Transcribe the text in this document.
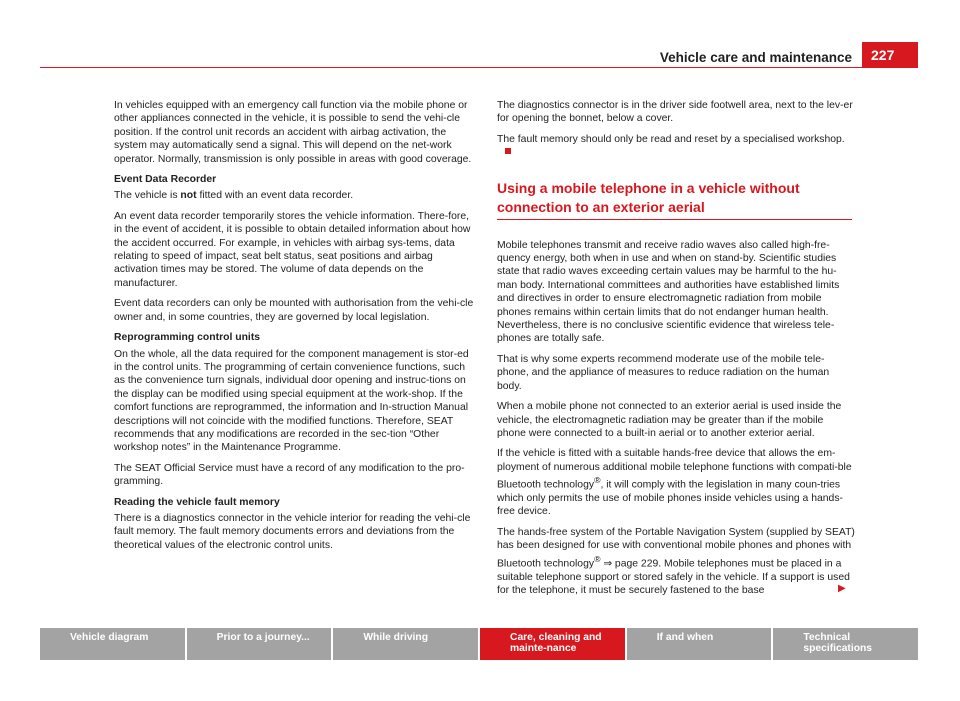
Vehicle care and maintenance	227

In vehicles equipped with an emergency call function via the mobile phone or other appliances connected in the vehicle, it is possible to send the vehi-cle position. If the control unit records an accident with airbag activation, the system may automatically send a signal. This will depend on the net-work operator. Normally, transmission is only possible in areas with good coverage.

Event Data Recorder

The vehicle is not fitted with an event data recorder.

An event data recorder temporarily stores the vehicle information. There-fore, in the event of accident, it is possible to obtain detailed information about how the accident occurred. For example, in vehicles with airbag sys-tems, data relating to speed of impact, seat belt status, seat positions and airbag activation times may be stored. The volume of data depends on the manufacturer.

Event data recorders can only be mounted with authorisation from the vehi-cle owner and, in some countries, they are governed by local legislation.

Reprogramming control units

On the whole, all the data required for the component management is stor-ed in the control units. The programming of certain convenience functions, such as the convenience turn signals, individual door opening and instruc-tions on the display can be modified using special equipment at the work-shop. If the comfort functions are reprogrammed, the information and In-struction Manual descriptions will not coincide with the modified functions. Therefore, SEAT recommends that any modifications are recorded in the sec-tion “Other workshop notes” in the Maintenance Programme.

The SEAT Official Service must have a record of any modification to the pro-gramming.

Reading the vehicle fault memory

There is a diagnostics connector in the vehicle interior for reading the vehi-cle fault memory. The fault memory documents errors and deviations from the theoretical values of the electronic control units.

The diagnostics connector is in the driver side footwell area, next to the lev-er for opening the bonnet, below a cover.

The fault memory should only be read and reset by a specialised workshop.

Using a mobile telephone in a vehicle without connection to an exterior aerial

Mobile telephones transmit and receive radio waves also called high-fre-quency energy, both when in use and when on stand-by. Scientific studies state that radio waves exceeding certain values may be harmful to the hu-man body. International committees and authorities have established limits and directives in order to ensure electromagnetic radiation from mobile phones remains within certain limits that do not endanger human health. Nevertheless, there is no conclusive scientific evidence that wireless tele-phones are totally safe.

That is why some experts recommend moderate use of the mobile tele-phone, and the appliance of measures to reduce radiation on the human body.

When a mobile phone not connected to an exterior aerial is used inside the vehicle, the electromagnetic radiation may be greater than if the mobile phone were connected to a built-in aerial or to another exterior aerial.

If the vehicle is fitted with a suitable hands-free device that allows the em-ployment of numerous additional mobile telephone functions with compati-ble Bluetooth technology®, it will comply with the legislation in many coun-tries which only permits the use of mobile phones inside vehicles using a hands-free device.

The hands-free system of the Portable Navigation System (supplied by SEAT) has been designed for use with conventional mobile phones and phones with Bluetooth technology® ⇒ page 229. Mobile telephones must be placed in a suitable telephone support or stored safely in the vehicle. If a support is used for the telephone, it must be securely fastened to the base	▶
Vehicle diagram	Prior to a journey...	While driving	Care, cleaning and mainte-nance
If and when	Technical specifications
